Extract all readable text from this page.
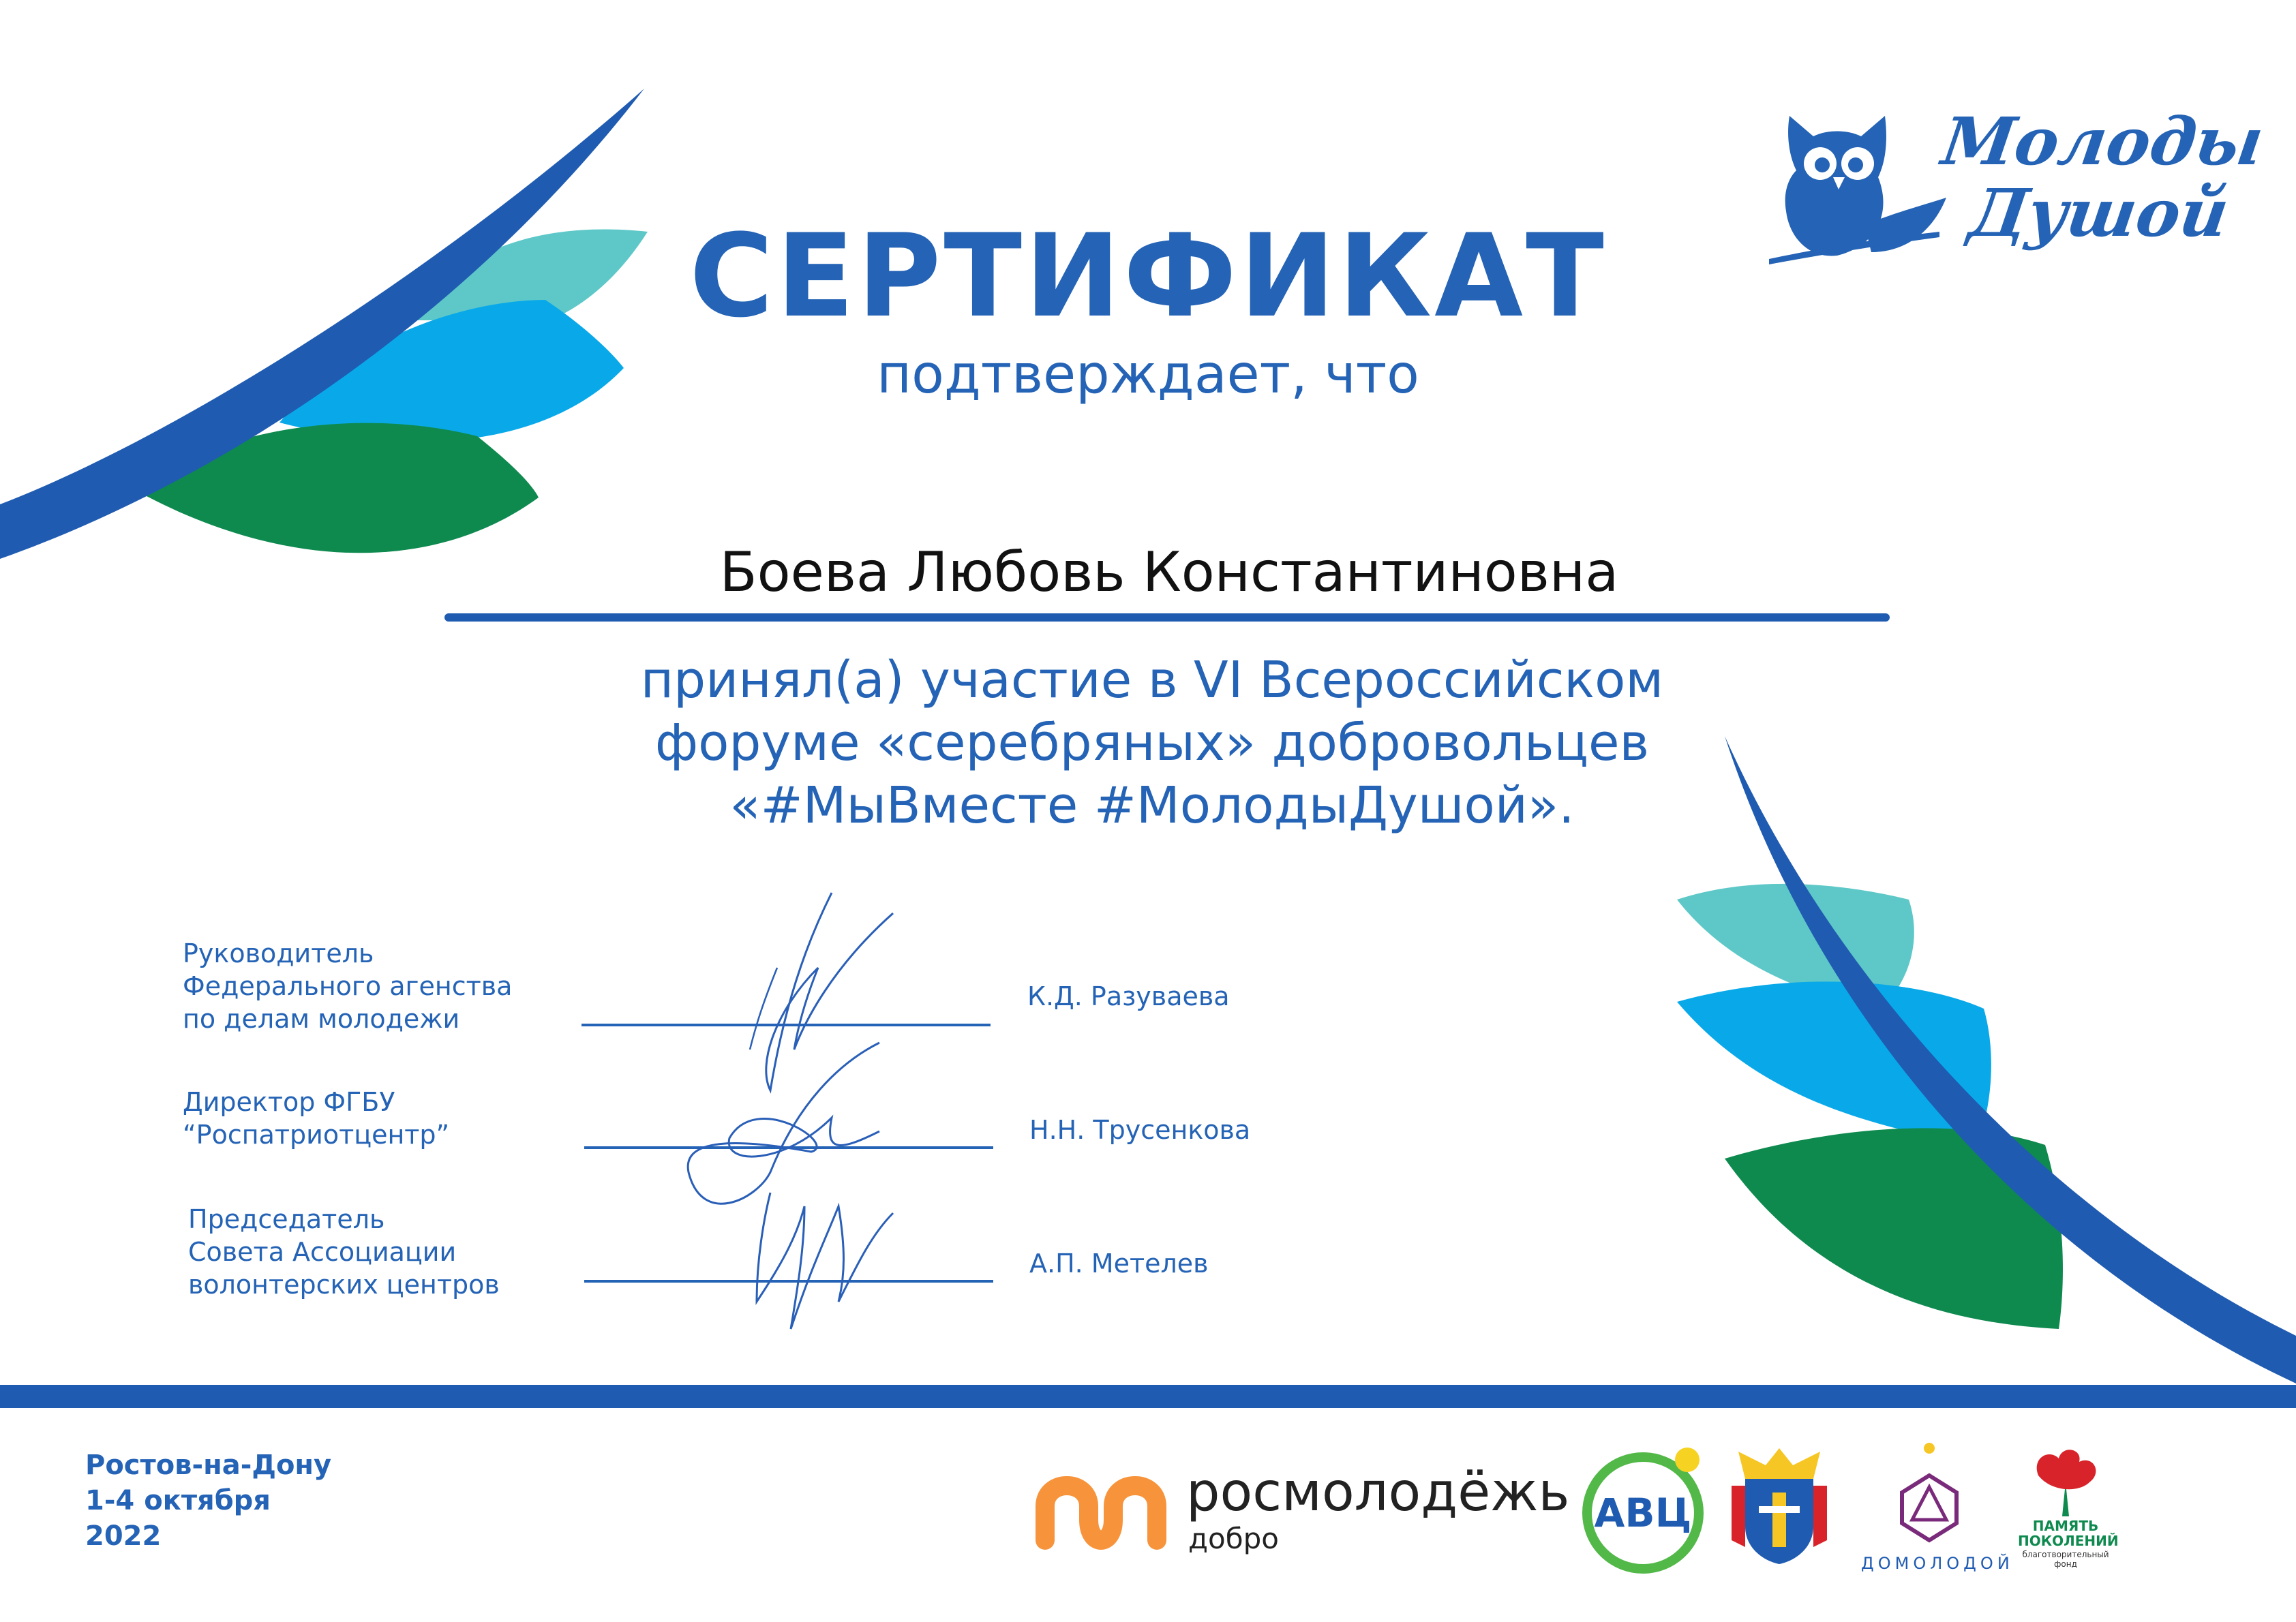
Молоды
Душой
СЕРТИФИКАТ
подтверждает, что
Боева Любовь Константиновна
принял(а) участие в VI Всероссийском
форуме «серебряных» добровольцев
«#МыВместе #МолодыДушой».
Руководитель
Федерального агенства
по делам молодежи
К.Д. Разуваева
Директор ФГБУ
“Роспатриотцентр”	Н.Н. Трусенкова
Председатель
Совета Ассоциации
волонтерских центров
А.П. Метелев
Ростов-на-Дону
1-4 октября
2022
росмолодёжь
добро
АВЦ
ДОМОЛОДОЙ
ПАМЯТЬ
ПОКОЛЕНИЙ
благотворительный
фонд
